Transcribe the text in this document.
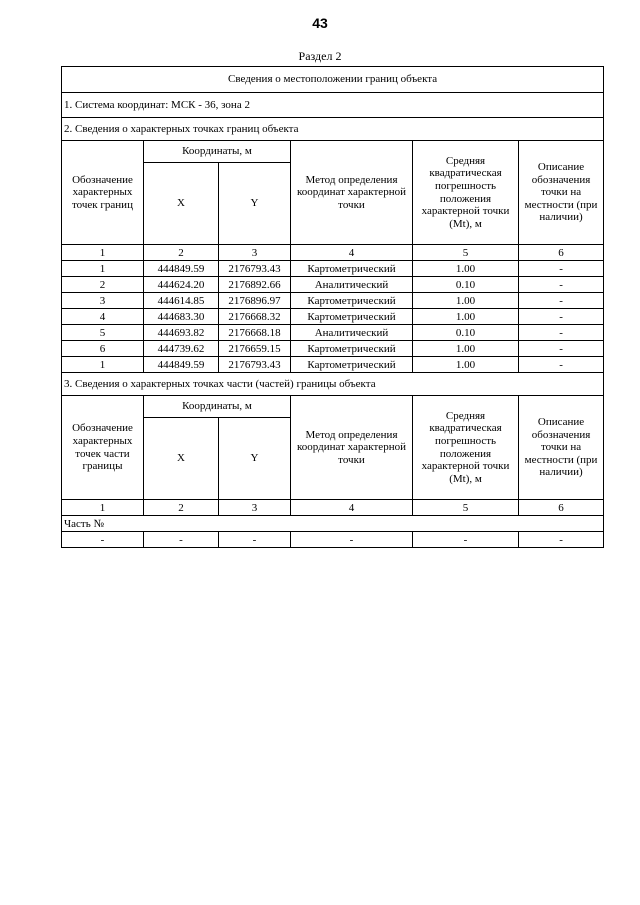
43
Раздел 2
Сведения о местоположении границ объекта					
1. Система координат: МСК - 36, зона 2					
2. Сведения о характерных точках границ объекта					
Обозначение характерных точек границ	Координаты, м		Метод определения координат характерной точки	Средняя квадратическая погрешность положения характерной точки (Mt), м	Описание обозначения точки на местности (при наличии)
	X	Y			
1	2	3	4	5	6
1	444849.59	2176793.43	Картометрический	1.00	-
2	444624.20	2176892.66	Аналитический	0.10	-
3	444614.85	2176896.97	Картометрический	1.00	-
4	444683.30	2176668.32	Картометрический	1.00	-
5	444693.82	2176668.18	Аналитический	0.10	-
6	444739.62	2176659.15	Картометрический	1.00	-
1	444849.59	2176793.43	Картометрический	1.00	-
3. Сведения о характерных точках части (частей) границы объекта					
Обозначение характерных точек части границы	Координаты, м		Метод определения координат характерной точки	Средняя квадратическая погрешность положения характерной точки (Mt), м	Описание обозначения точки на местности (при наличии)
	X	Y			
1	2	3	4	5	6
Часть №					
-	-	-	-	-	-
